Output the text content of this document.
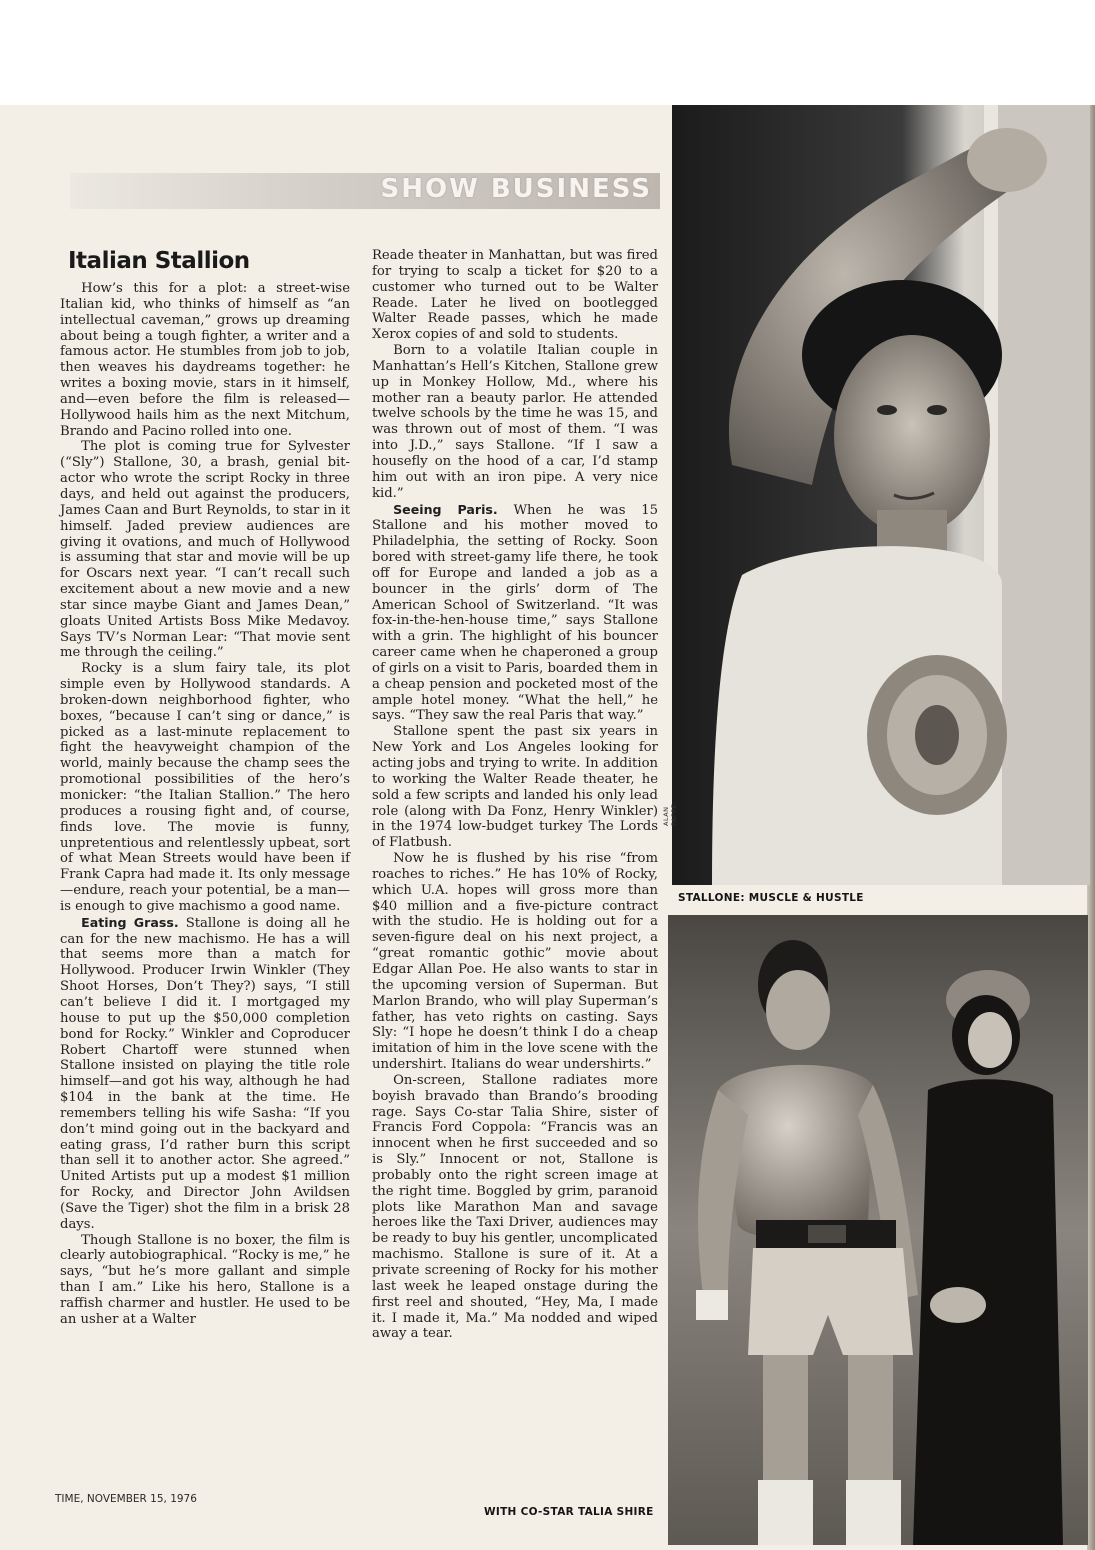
SHOW BUSINESS
Italian Stallion

How’s this for a plot: a street-wise Italian kid, who thinks of himself as “an intellectual caveman,” grows up dreaming about being a tough fighter, a writer and a famous actor. He stumbles from job to job, then weaves his daydreams together: he writes a boxing movie, stars in it himself, and—even before the film is released—Hollywood hails him as the next Mitchum, Brando and Pacino rolled into one.

The plot is coming true for Sylvester (“Sly”) Stallone, 30, a brash, genial bit-actor who wrote the script Rocky in three days, and held out against the producers, James Caan and Burt Reynolds, to star in it himself. Jaded preview audiences are giving it ovations, and much of Hollywood is assuming that star and movie will be up for Oscars next year. “I can’t recall such excitement about a new movie and a new star since maybe Giant and James Dean,” gloats United Artists Boss Mike Medavoy. Says TV’s Norman Lear: “That movie sent me through the ceiling.”

Rocky is a slum fairy tale, its plot simple even by Hollywood standards. A broken-down neighborhood fighter, who boxes, “because I can’t sing or dance,” is picked as a last-minute replacement to fight the heavyweight champion of the world, mainly because the champ sees the promotional possibilities of the hero’s monicker: “the Italian Stallion.” The hero produces a rousing fight and, of course, finds love. The movie is funny, unpretentious and relentlessly upbeat, sort of what Mean Streets would have been if Frank Capra had made it. Its only message—endure, reach your potential, be a man—is enough to give machismo a good name.

Eating Grass. Stallone is doing all he can for the new machismo. He has a will that seems more than a match for Hollywood. Producer Irwin Winkler (They Shoot Horses, Don’t They?) says, “I still can’t believe I did it. I mortgaged my house to put up the $50,000 completion bond for Rocky.” Winkler and Coproducer Robert Chartoff were stunned when Stallone insisted on playing the title role himself—and got his way, although he had $104 in the bank at the time. He remembers telling his wife Sasha: “If you don’t mind going out in the backyard and eating grass, I’d rather burn this script than sell it to another actor. She agreed.” United Artists put up a modest $1 million for Rocky, and Director John Avildsen (Save the Tiger) shot the film in a brisk 28 days.

Though Stallone is no boxer, the film is clearly autobiographical. “Rocky is me,” he says, “but he’s more gallant and simple than I am.” Like his hero, Stallone is a raffish charmer and hustler. He used to be an usher at a Walter

Reade theater in Manhattan, but was fired for trying to scalp a ticket for $20 to a customer who turned out to be Walter Reade. Later he lived on bootlegged Walter Reade passes, which he made Xerox copies of and sold to students.

Born to a volatile Italian couple in Manhattan’s Hell’s Kitchen, Stallone grew up in Monkey Hollow, Md., where his mother ran a beauty parlor. He attended twelve schools by the time he was 15, and was thrown out of most of them. “I was into J.D.,” says Stallone. “If I saw a housefly on the hood of a car, I’d stamp him out with an iron pipe. A very nice kid.”

Seeing Paris. When he was 15 Stallone and his mother moved to Philadelphia, the setting of Rocky. Soon bored with street-gamy life there, he took off for Europe and landed a job as a bouncer in the girls’ dorm of The American School of Switzerland. “It was fox-in-the-hen-house time,” says Stallone with a grin. The highlight of his bouncer career came when he chaperoned a group of girls on a visit to Paris, boarded them in a cheap pension and pocketed most of the ample hotel money. “What the hell,” he says. “They saw the real Paris that way.”

Stallone spent the past six years in New York and Los Angeles looking for acting jobs and trying to write. In addition to working the Walter Reade theater, he sold a few scripts and landed his only lead role (along with Da Fonz, Henry Winkler) in the 1974 low-budget turkey The Lords of Flatbush.

Now he is flushed by his rise “from roaches to riches.” He has 10% of Rocky, which U.A. hopes will gross more than $40 million and a five-picture contract with the studio. He is holding out for a seven-figure deal on his next project, a “great romantic gothic” movie about Edgar Allan Poe. He also wants to star in the upcoming version of Superman. But Marlon Brando, who will play Superman’s father, has veto rights on casting. Says Sly: “I hope he doesn’t think I do a cheap imitation of him in the love scene with the undershirt. Italians do wear undershirts.”

On-screen, Stallone radiates more boyish bravado than Brando’s brooding rage. Says Co-star Talia Shire, sister of Francis Ford Coppola: “Francis was an innocent when he first succeeded and so is Sly.” Innocent or not, Stallone is probably onto the right screen image at the right time. Boggled by grim, paranoid plots like Marathon Man and savage heroes like the Taxi Driver, audiences may be ready to buy his gentler, uncomplicated machismo. Stallone is sure of it. At a private screening of Rocky for his mother last week he leaped onstage during the first reel and shouted, “Hey, Ma, I made it. I made it, Ma.” Ma nodded and wiped away a tear.

ALAN PAPPE
STALLONE: MUSCLE & HUSTLE
WITH CO-STAR TALIA SHIRE
TIME, NOVEMBER 15, 1976
